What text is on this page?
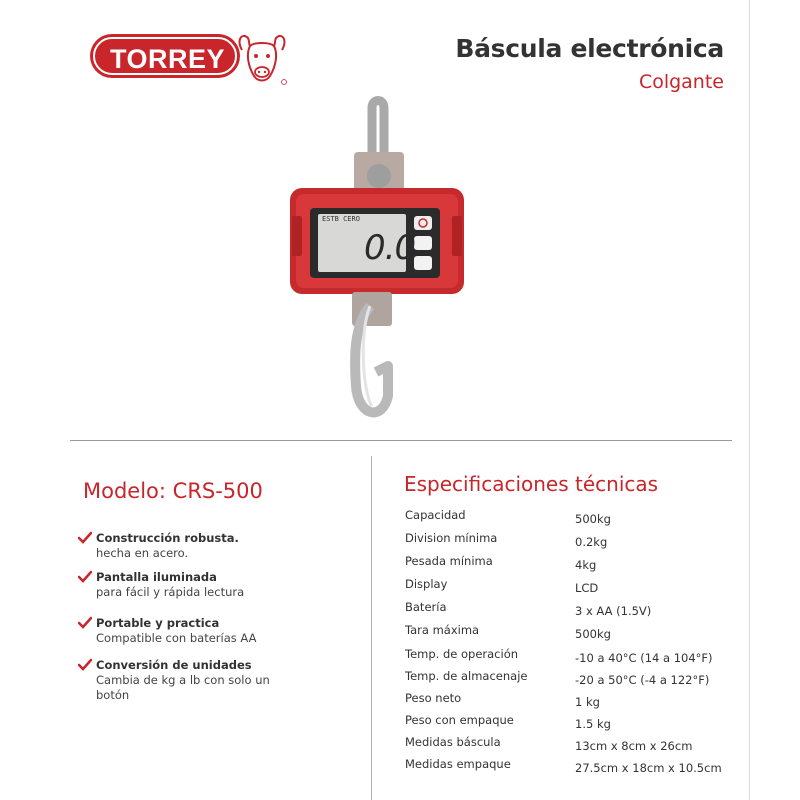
TORREY	Báscula electrónica
Colgante
ESTB CERO
0.0
Modelo: CRS-500
Construcción robusta.
hecha en acero.
Pantalla iluminada
para fácil y rápida lectura
Portable y practica
Compatible con baterías AA
Conversión de unidades
Cambia de kg a lb con solo un botón
Especificaciones técnicas
Capacidad	500kg
Division mínima	0.2kg
Pesada mínima	4kg
Display	LCD
Batería	3 x AA (1.5V)
Tara máxima	500kg
Temp. de operación	-10 a 40°C (14 a 104°F)
Temp. de almacenaje	-20 a 50°C (-4 a 122°F)
Peso neto	1 kg
Peso con empaque	1.5 kg
Medidas báscula	13cm x 8cm x 26cm
Medidas empaque	27.5cm x 18cm x 10.5cm
